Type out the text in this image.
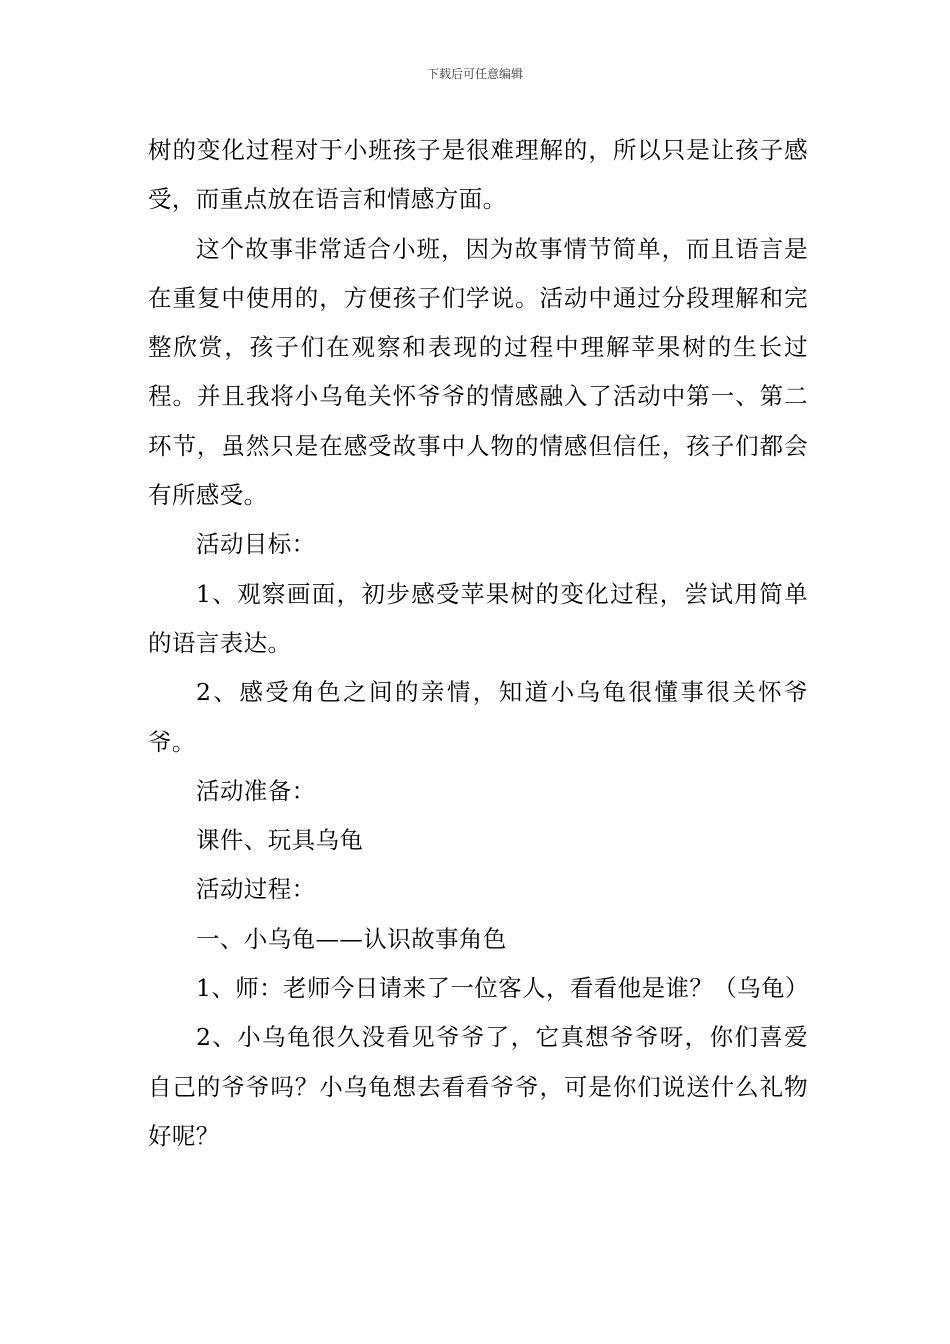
下载后可任意编辑

树的变化过程对于小班孩子是很难理解的，所以只是让孩子感受，而重点放在语言和情感方面。

这个故事非常适合小班，因为故事情节简单，而且语言是在重复中使用的，方便孩子们学说。活动中通过分段理解和完整欣赏，孩子们在观察和表现的过程中理解苹果树的生长过程。并且我将小乌龟关怀爷爷的情感融入了活动中第一、第二环节，虽然只是在感受故事中人物的情感但信任，孩子们都会有所感受。

活动目标：

1、观察画面，初步感受苹果树的变化过程，尝试用简单的语言表达。

2、感受角色之间的亲情，知道小乌龟很懂事很关怀爷爷。

活动准备：

课件、玩具乌龟

活动过程：

一、小乌龟——认识故事角色

1、师：老师今日请来了一位客人，看看他是谁？（乌龟）

2、小乌龟很久没看见爷爷了，它真想爷爷呀，你们喜爱自己的爷爷吗？小乌龟想去看看爷爷，可是你们说送什么礼物好呢？
